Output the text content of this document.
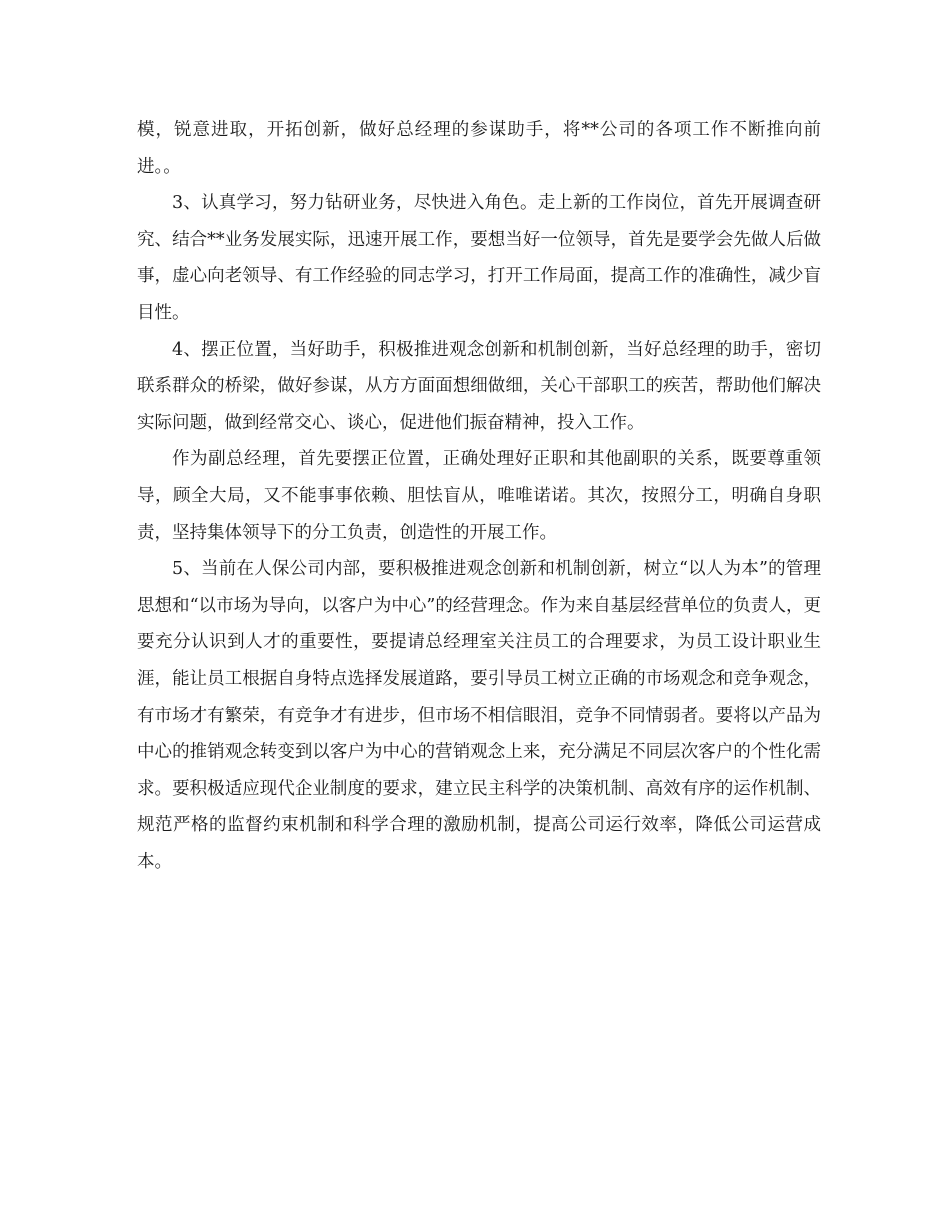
模，锐意进取，开拓创新，做好总经理的参谋助手，将**公司的各项工作不断推向前进。。

3、认真学习，努力钻研业务，尽快进入角色。走上新的工作岗位，首先开展调查研究、结合**业务发展实际，迅速开展工作，要想当好一位领导，首先是要学会先做人后做事，虚心向老领导、有工作经验的同志学习，打开工作局面，提高工作的准确性，减少盲目性。

4、摆正位置，当好助手，积极推进观念创新和机制创新，当好总经理的助手，密切联系群众的桥梁，做好参谋，从方方面面想细做细，关心干部职工的疾苦，帮助他们解决实际问题，做到经常交心、谈心，促进他们振奋精神，投入工作。

作为副总经理，首先要摆正位置，正确处理好正职和其他副职的关系，既要尊重领导，顾全大局，又不能事事依赖、胆怯盲从，唯唯诺诺。其次，按照分工，明确自身职责，坚持集体领导下的分工负责，创造性的开展工作。

5、当前在人保公司内部，要积极推进观念创新和机制创新，树立“以人为本”的管理思想和“以市场为导向，以客户为中心”的经营理念。作为来自基层经营单位的负责人，更要充分认识到人才的重要性，要提请总经理室关注员工的合理要求，为员工设计职业生涯，能让员工根据自身特点选择发展道路，要引导员工树立正确的市场观念和竞争观念，有市场才有繁荣，有竞争才有进步，但市场不相信眼泪，竞争不同情弱者。要将以产品为中心的推销观念转变到以客户为中心的营销观念上来，充分满足不同层次客户的个性化需求。要积极适应现代企业制度的要求，建立民主科学的决策机制、高效有序的运作机制、规范严格的监督约束机制和科学合理的激励机制，提高公司运行效率，降低公司运营成本。
